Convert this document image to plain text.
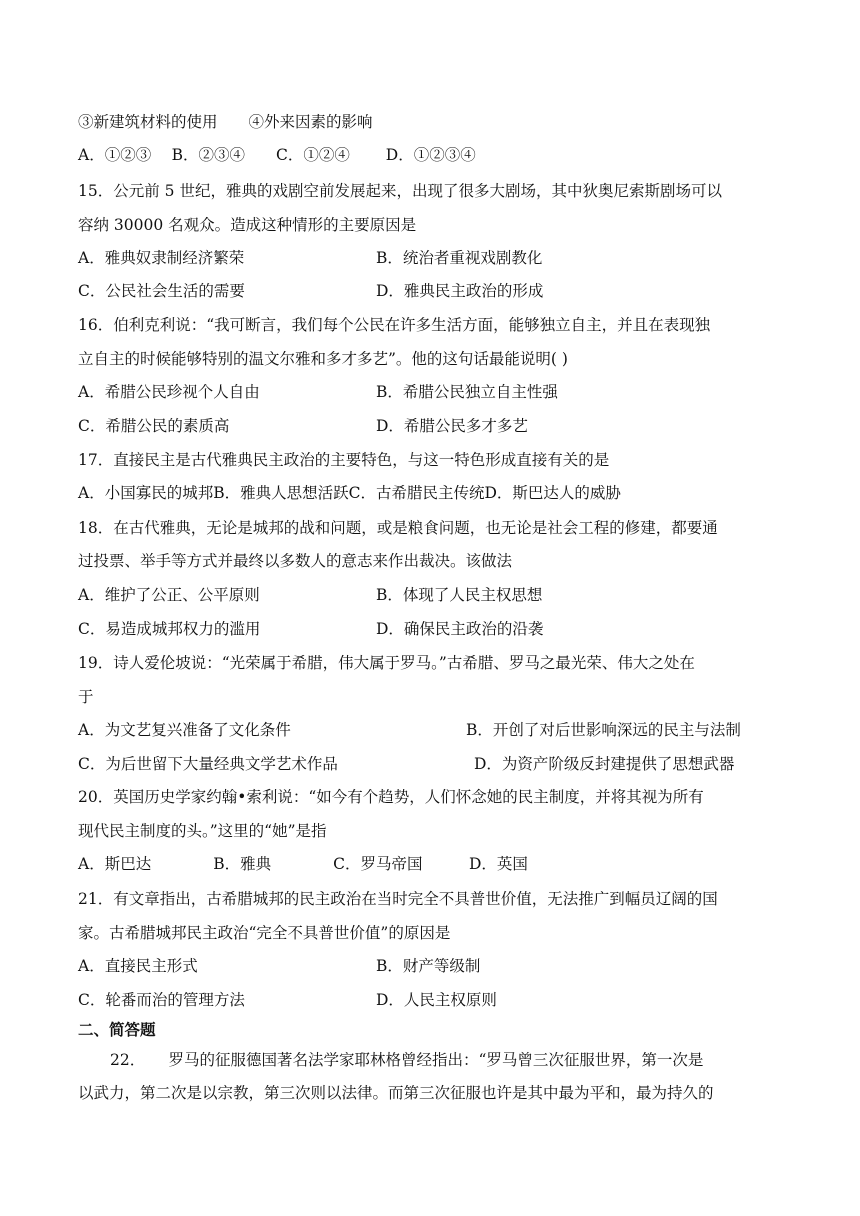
③新建筑材料的使用　　④外来因素的影响
A．①②③　 B．②③④　　C．①②④　　 D．①②③④
15．公元前 5 世纪，雅典的戏剧空前发展起来，出现了很多大剧场，其中狄奥尼索斯剧场可以
容纳 30000 名观众。造成这种情形的主要原因是
A．雅典奴隶制经济繁荣	B．统治者重视戏剧教化
C．公民社会生活的需要	D．雅典民主政治的形成
16．伯利克利说：“我可断言，我们每个公民在许多生活方面，能够独立自主，并且在表现独
立自主的时候能够特别的温文尔雅和多才多艺”。他的这句话最能说明( )
A．希腊公民珍视个人自由	B．希腊公民独立自主性强
C．希腊公民的素质高	D．希腊公民多才多艺
17．直接民主是古代雅典民主政治的主要特色，与这一特色形成直接有关的是
A．小国寡民的城邦B．雅典人思想活跃C．古希腊民主传统D．斯巴达人的威胁
18．在古代雅典，无论是城邦的战和问题，或是粮食问题，也无论是社会工程的修建，都要通
过投票、举手等方式并最终以多数人的意志来作出裁决。该做法
A．维护了公正、公平原则	B．体现了人民主权思想
C．易造成城邦权力的滥用	D．确保民主政治的沿袭
19．诗人爱伦坡说：“光荣属于希腊，伟大属于罗马。”古希腊、罗马之最光荣、伟大之处在
于
A．为文艺复兴准备了文化条件	B．开创了对后世影响深远的民主与法制
C．为后世留下大量经典文学艺术作品	D．为资产阶级反封建提供了思想武器
20．英国历史学家约翰•索利说：“如今有个趋势，人们怀念她的民主制度，并将其视为所有
现代民主制度的头。”这里的“她”是指
A．斯巴达　　　　B．雅典　　　　C．罗马帝国　　　D．英国
21．有文章指出，古希腊城邦的民主政治在当时完全不具普世价值，无法推广到幅员辽阔的国
家。古希腊城邦民主政治“完全不具普世价值”的原因是
A．直接民主形式	B．财产等级制
C．轮番而治的管理方法	D．人民主权原则
二、简答题
22．　　罗马的征服德国著名法学家耶林格曾经指出：“罗马曾三次征服世界，第一次是
以武力，第二次是以宗教，第三次则以法律。而第三次征服也许是其中最为平和，最为持久的
